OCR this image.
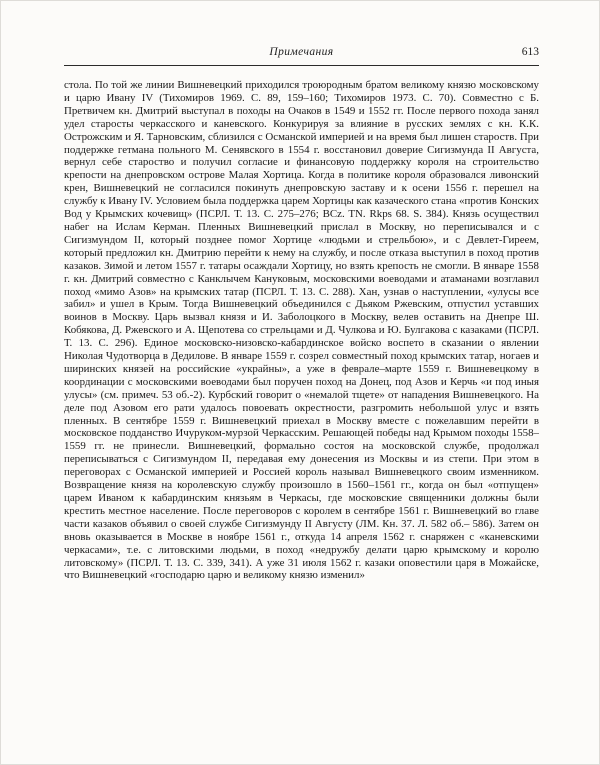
Примечания	613
стола. По той же линии Вишневецкий приходился троюродным братом великому князю московскому и царю Ивану IV (Тихомиров 1969. С. 89, 159–160; Тихомиров 1973. С. 70). Совместно с Б. Претвичем кн. Дмитрий выступал в походы на Очаков в 1549 и 1552 гг. После первого похода занял удел старосты черкасского и каневского. Конкурируя за влияние в русских землях с кн. К.К. Острожским и Я. Тарновским, сблизился с Османской империей и на время был лишен староств. При поддержке гетмана польного М. Сенявского в 1554 г. восстановил доверие Сигизмунда II Августа, вернул себе староство и получил согласие и финансовую поддержку короля на строительство крепости на днепровском острове Малая Хортица. Когда в политике короля образовался ливонский крен, Вишневецкий не согласился покинуть днепровскую заставу и к осени 1556 г. перешел на службу к Ивану IV. Условием была поддержка царем Хортицы как казаческого стана «против Конских Вод у Крымских кочевищ» (ПСРЛ. Т. 13. С. 275–276; BCz. TN. Rkps 68. S. 384). Князь осуществил набег на Ислам Керман. Пленных Вишневецкий прислал в Москву, но переписывался и с Сигизмундом II, который позднее помог Хортице «людьми и стрельбою», и с Девлет-Гиреем, который предложил кн. Дмитрию перейти к нему на службу, и после отказа выступил в поход против казаков. Зимой и летом 1557 г. татары осаждали Хортицу, но взять крепость не смогли. В январе 1558 г. кн. Дмитрий совместно с Канклычем Кануковым, московскими воеводами и атаманами возглавил поход «мимо Азов» на крымских татар (ПСРЛ. Т. 13. С. 288). Хан, узнав о наступлении, «улусы все забил» и ушел в Крым. Тогда Вишневецкий объединился с Дьяком Ржевским, отпустил уставших воинов в Москву. Царь вызвал князя и И. Заболоцкого в Москву, велев оставить на Днепре Ш. Кобякова, Д. Ржевского и А. Щепотева со стрельцами и Д. Чулкова и Ю. Булгакова с казаками (ПСРЛ. Т. 13. С. 296). Единое московско-низовско-кабардинское войско воспето в сказании о явлении Николая Чудотворца в Дедилове. В январе 1559 г. созрел совместный поход крымских татар, ногаев и ширинских князей на российские «украйны», а уже в феврале–марте 1559 г. Вишневецкому в координации с московскими воеводами был поручен поход на Донец, под Азов и Керчь «и под иныя улусы» (см. примеч. 53 об.-2). Курбский говорит о «немалой тщете» от нападения Вишневецкого. На деле под Азовом его рати удалось повоевать окрестности, разгромить небольшой улус и взять пленных. В сентябре 1559 г. Вишневецкий приехал в Москву вместе с пожелавшим перейти в московское подданство Ичуруком-мурзой Черкасским. Решающей победы над Крымом походы 1558–1559 гг. не принесли. Вишневецкий, формально состоя на московской службе, продолжал переписываться с Сигизмундом II, передавая ему донесения из Москвы и из степи. При этом в переговорах с Османской империей и Россией король называл Вишневецкого своим изменником. Возвращение князя на королевскую службу произошло в 1560–1561 гг., когда он был «отпущен» царем Иваном к кабардинским князьям в Черкасы, где московские священники должны были крестить местное население. После переговоров с королем в сентябре 1561 г. Вишневецкий во главе части казаков объявил о своей службе Сигизмунду II Августу (ЛМ. Кн. 37. Л. 582 об.– 586). Затем он вновь оказывается в Москве в ноябре 1561 г., откуда 14 апреля 1562 г. снаряжен с «каневскими черкасами», т.е. с литовскими людьми, в поход «недружбу делати царю крымскому и королю литовскому» (ПСРЛ. Т. 13. С. 339, 341). А уже 31 июля 1562 г. казаки оповестили царя в Можайске, что Вишневецкий «господарю царю и великому князю изменил»
